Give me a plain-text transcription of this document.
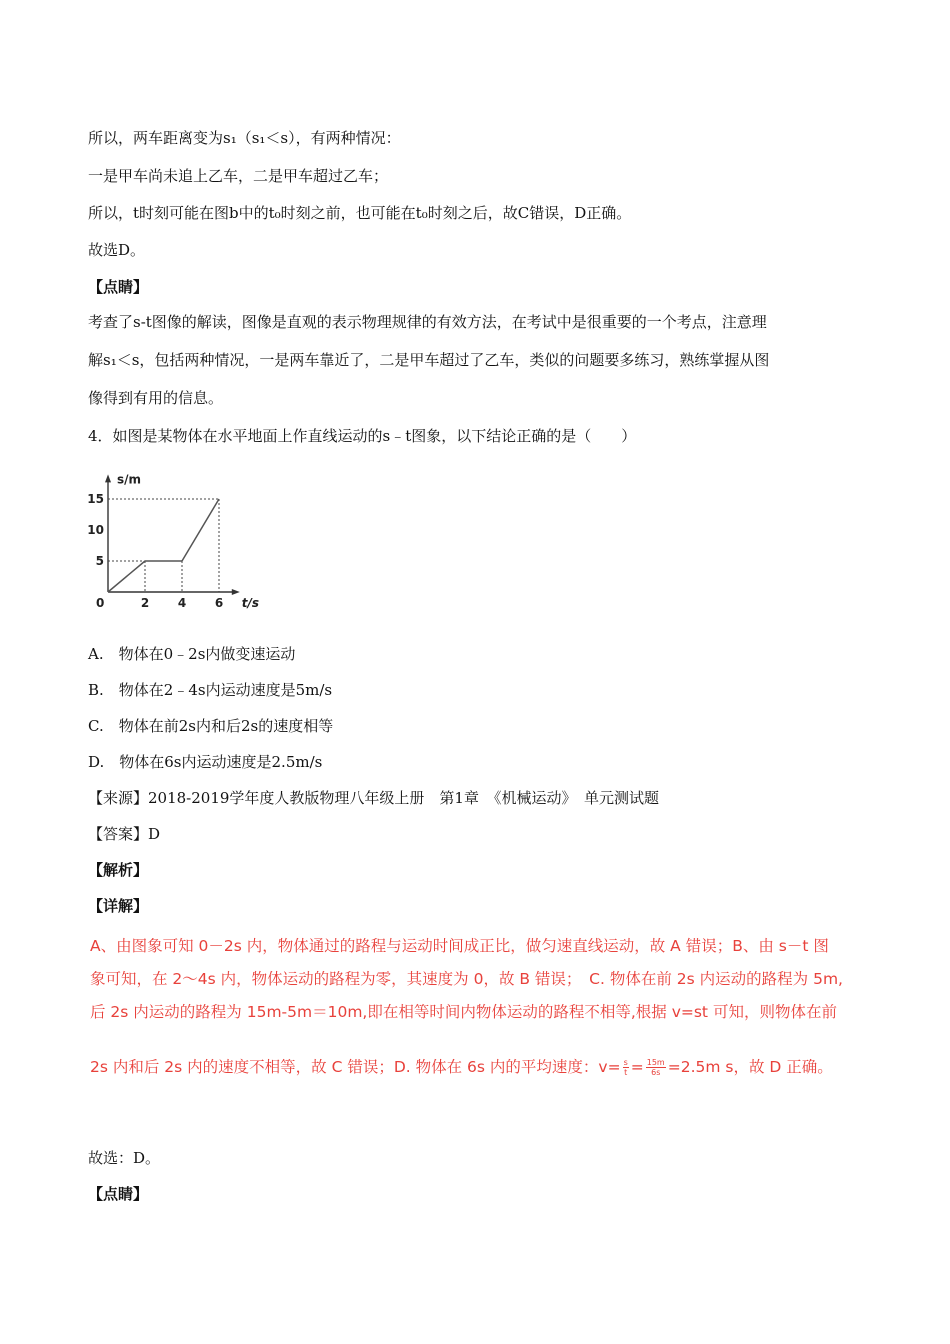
所以，两车距离变为s₁（s₁＜s），有两种情况：
一是甲车尚未追上乙车，二是甲车超过乙车；
所以，t时刻可能在图b中的t₀时刻之前，也可能在t₀时刻之后，故C错误，D正确。
故选D。
【点睛】
考查了s-t图像的解读，图像是直观的表示物理规律的有效方法，在考试中是很重要的一个考点，注意理
解s₁＜s，包括两种情况，一是两车靠近了，二是甲车超过了乙车，类似的问题要多练习，熟练掌握从图
像得到有用的信息。
4．如图是某物体在水平地面上作直线运动的s﹣t图象，以下结论正确的是（　　）
s/m
t/s
0	2 4 6
5
10
15
A.　物体在0﹣2s内做变速运动
B.　物体在2﹣4s内运动速度是5m/s
C.　物体在前2s内和后2s的速度相等
D.　物体在6s内运动速度是2.5m/s
【来源】2018-2019学年度人教版物理八年级上册　第1章　《机械运动》　单元测试题
【答案】D
【解析】
【详解】
A、由图象可知 0－2s 内，物体通过的路程与运动时间成正比，做匀速直线运动，故 A 错误；B、由 s－t 图
象可知，在 2～4s 内，物体运动的路程为零，其速度为 0，故 B 错误；　C. 物体在前 2s 内运动的路程为 5m,
后 2s 内运动的路程为 15m-5m＝10m,即在相等时间内物体运动的路程不相等,根据 v=st 可知，则物体在前
2s 内和后 2s 内的速度不相等，故 C 错误；D. 物体在 6s 内的平均速度：$v= \frac{s}{t} = \frac{15m}{6s} =2.5m$ s，故 D 正确。
故选：D。
【点睛】
